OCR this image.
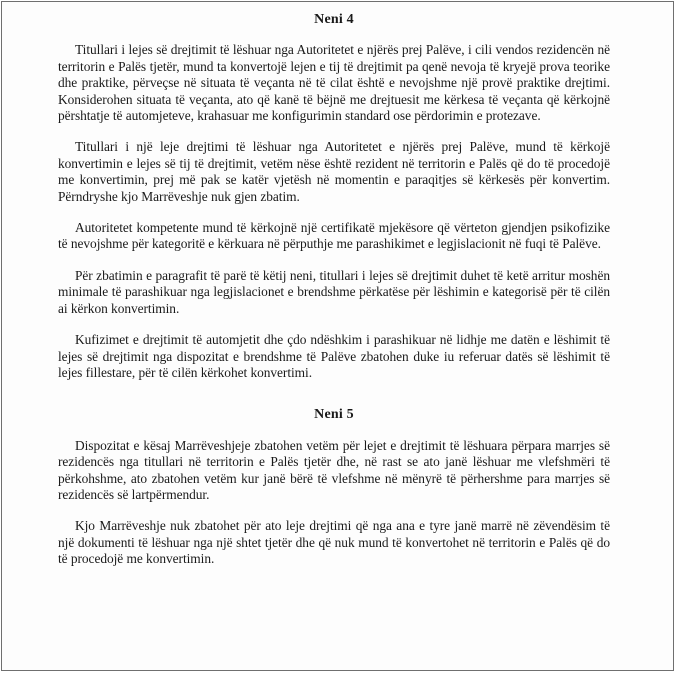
Neni 4

Titullari i lejes së drejtimit të lëshuar nga Autoritetet e njërës prej Palëve, i cili vendos rezidencën në territorin e Palës tjetër, mund ta konvertojë lejen e tij të drejtimit pa qenë nevoja të kryejë prova teorike dhe praktike, përveçse në situata të veçanta në të cilat është e nevojshme një provë praktike drejtimi. Konsiderohen situata të veçanta, ato që kanë të bëjnë me drejtuesit me kërkesa të veçanta që kërkojnë përshtatje të automjeteve, krahasuar me konfigurimin standard ose përdorimin e protezave.

Titullari i një leje drejtimi të lëshuar nga Autoritetet e njërës prej Palëve, mund të kërkojë konvertimin e lejes së tij të drejtimit, vetëm nëse është rezident në territorin e Palës që do të procedojë me konvertimin, prej më pak se katër vjetësh në momentin e paraqitjes së kërkesës për konvertim. Përndryshe kjo Marrëveshje nuk gjen zbatim.

Autoritetet kompetente mund të kërkojnë një certifikatë mjekësore që vërteton gjendjen psikofizike të nevojshme për kategoritë e kërkuara në përputhje me parashikimet e legjislacionit në fuqi të Palëve.

Për zbatimin e paragrafit të parë të këtij neni, titullari i lejes së drejtimit duhet të ketë arritur moshën minimale të parashikuar nga legjislacionet e brendshme përkatëse për lëshimin e kategorisë për të cilën ai kërkon konvertimin.

Kufizimet e drejtimit të automjetit dhe çdo ndëshkim i parashikuar në lidhje me datën e lëshimit të lejes së drejtimit nga dispozitat e brendshme të Palëve zbatohen duke iu referuar datës së lëshimit të lejes fillestare, për të cilën kërkohet konvertimi.

Neni 5

Dispozitat e kësaj Marrëveshjeje zbatohen vetëm për lejet e drejtimit të lëshuara përpara marrjes së rezidencës nga titullari në territorin e Palës tjetër dhe, në rast se ato janë lëshuar me vlefshmëri të përkohshme, ato zbatohen vetëm kur janë bërë të vlefshme në mënyrë të përhershme para marrjes së rezidencës së lartpërmendur.

Kjo Marrëveshje nuk zbatohet për ato leje drejtimi që nga ana e tyre janë marrë në zëvendësim të një dokumenti të lëshuar nga një shtet tjetër dhe që nuk mund të konvertohet në territorin e Palës që do të procedojë me konvertimin.
